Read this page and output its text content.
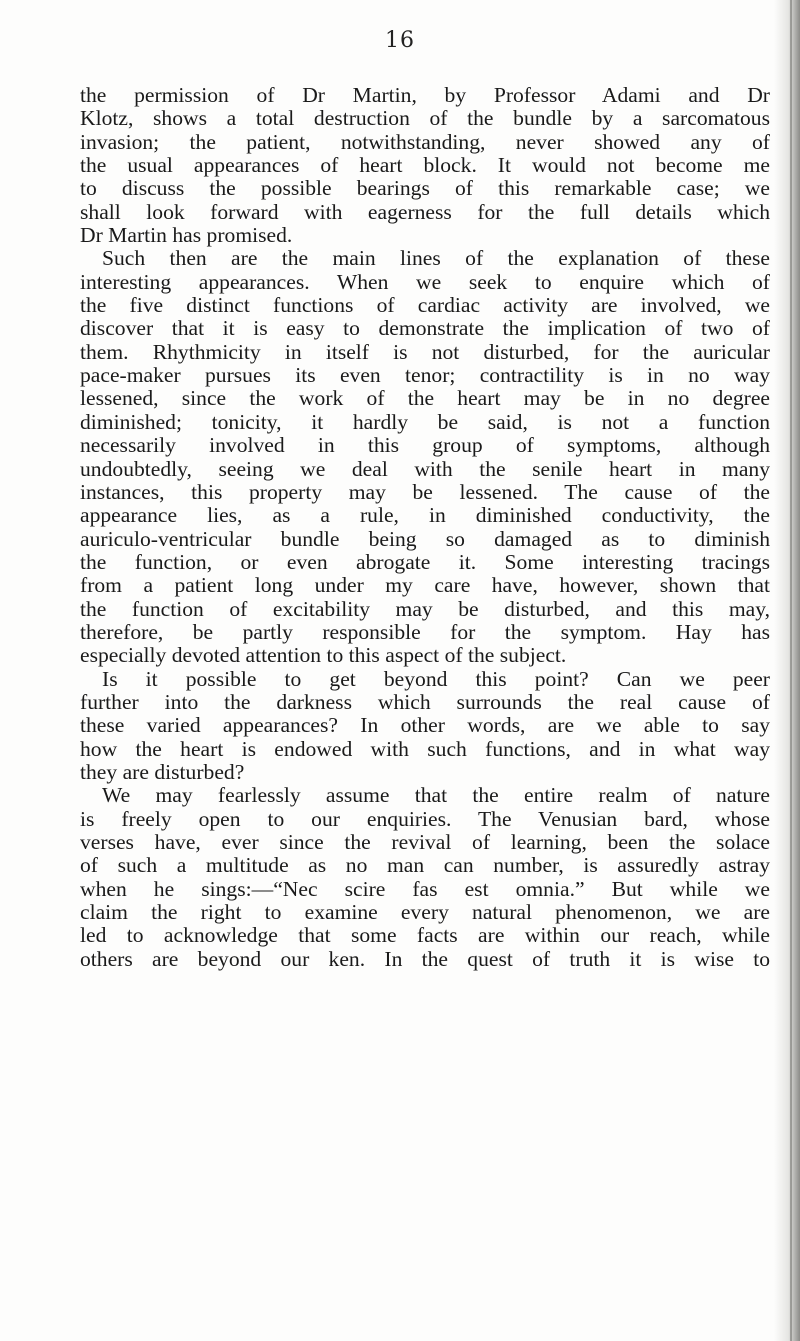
16
the permission of Dr Martin, by Professor Adami and Dr
Klotz, shows a total destruction of the bundle by a sarcomatous
invasion; the patient, notwithstanding, never showed any of
the usual appearances of heart block. It would not become me
to discuss the possible bearings of this remarkable case; we
shall look forward with eagerness for the full details which
Dr Martin has promised.
Such then are the main lines of the explanation of these
interesting appearances. When we seek to enquire which of
the five distinct functions of cardiac activity are involved, we
discover that it is easy to demonstrate the implication of two of
them. Rhythmicity in itself is not disturbed, for the auricular
pace-maker pursues its even tenor; contractility is in no way
lessened, since the work of the heart may be in no degree
diminished; tonicity, it hardly be said, is not a function
necessarily involved in this group of symptoms, although
undoubtedly, seeing we deal with the senile heart in many
instances, this property may be lessened. The cause of the
appearance lies, as a rule, in diminished conductivity, the
auriculo-ventricular bundle being so damaged as to diminish
the function, or even abrogate it. Some interesting tracings
from a patient long under my care have, however, shown that
the function of excitability may be disturbed, and this may,
therefore, be partly responsible for the symptom. Hay has
especially devoted attention to this aspect of the subject.
Is it possible to get beyond this point? Can we peer
further into the darkness which surrounds the real cause of
these varied appearances? In other words, are we able to say
how the heart is endowed with such functions, and in what way
they are disturbed?
We may fearlessly assume that the entire realm of nature
is freely open to our enquiries. The Venusian bard, whose
verses have, ever since the revival of learning, been the solace
of such a multitude as no man can number, is assuredly astray
when he sings:—“Nec scire fas est omnia.” But while we
claim the right to examine every natural phenomenon, we are
led to acknowledge that some facts are within our reach, while
others are beyond our ken. In the quest of truth it is wise to
